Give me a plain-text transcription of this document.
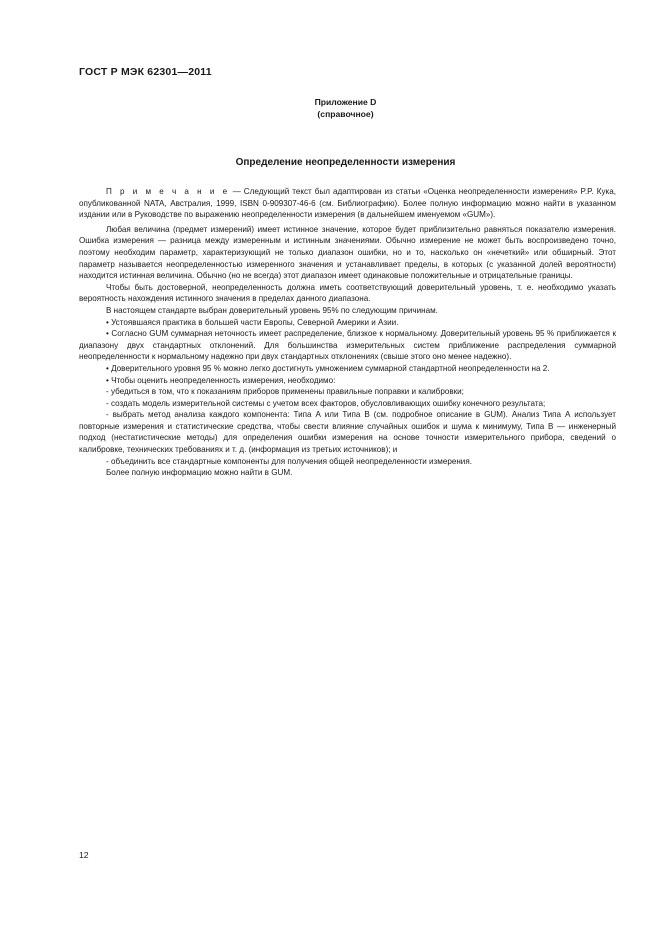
ГОСТ Р МЭК 62301—2011
Приложение D
(справочное)
Определение неопределенности измерения

П р и м е ч а н и е — Следующий текст был адаптирован из статьи «Оценка неопределенности измерения» P.P. Кука, опубликованной NATA, Австралия, 1999, ISBN 0-909307-46-6 (см. Библиографию). Более полную информацию можно найти в указанном издании или в Руководстве по выражению неопределенности измерения (в дальнейшем именуемом «GUM»).

Любая величина (предмет измерений) имеет истинное значение, которое будет приблизительно равняться показателю измерения. Ошибка измерения — разница между измеренным и истинным значениями. Обычно измерение не может быть воспроизведено точно, поэтому необходим параметр, характеризующий не только диапазон ошибки, но и то, насколько он «нечеткий» или обширный. Этот параметр называется неопределенностью измеренного значения и устанавливает пределы, в которых (с указанной долей вероятности) находится истинная величина. Обычно (но не всегда) этот диапазон имеет одинаковые положительные и отрицательные границы.

Чтобы быть достоверной, неопределенность должна иметь соответствующий доверительный уровень, т. е. необходимо указать вероятность нахождения истинного значения в пределах данного диапазона.

В настоящем стандарте выбран доверительный уровень 95% по следующим причинам.

• Устоявшаяся практика в большей части Европы, Северной Америки и Азии.

• Согласно GUM суммарная неточность имеет распределение, близкое к нормальному. Доверительный уровень 95 % приближается к диапазону двух стандартных отклонений. Для большинства измерительных систем приближение распределения суммарной неопределенности к нормальному надежно при двух стандартных отклонениях (свыше этого оно менее надежно).

• Доверительного уровня 95 % можно легко достигнуть умножением суммарной стандартной неопределенности на 2.

• Чтобы оценить неопределенность измерения, необходимо:

- убедиться в том, что к показаниям приборов применены правильные поправки и калибровки;

- создать модель измерительной системы с учетом всех факторов, обусловливающих ошибку конечного результата;

- выбрать метод анализа каждого компонента: Типа А или Типа В (см. подробное описание в GUM). Анализ Типа А использует повторные измерения и статистические средства, чтобы свести влияние случайных ошибок и шума к минимуму, Типа В — инженерный подход (нестатистические методы) для определения ошибки измерения на основе точности измерительного прибора, сведений о калибровке, технических требованиях и т. д. (информация из третьих источников); и

- объединить все стандартные компоненты для получения общей неопределенности измерения.

Более полную информацию можно найти в GUM.

12
